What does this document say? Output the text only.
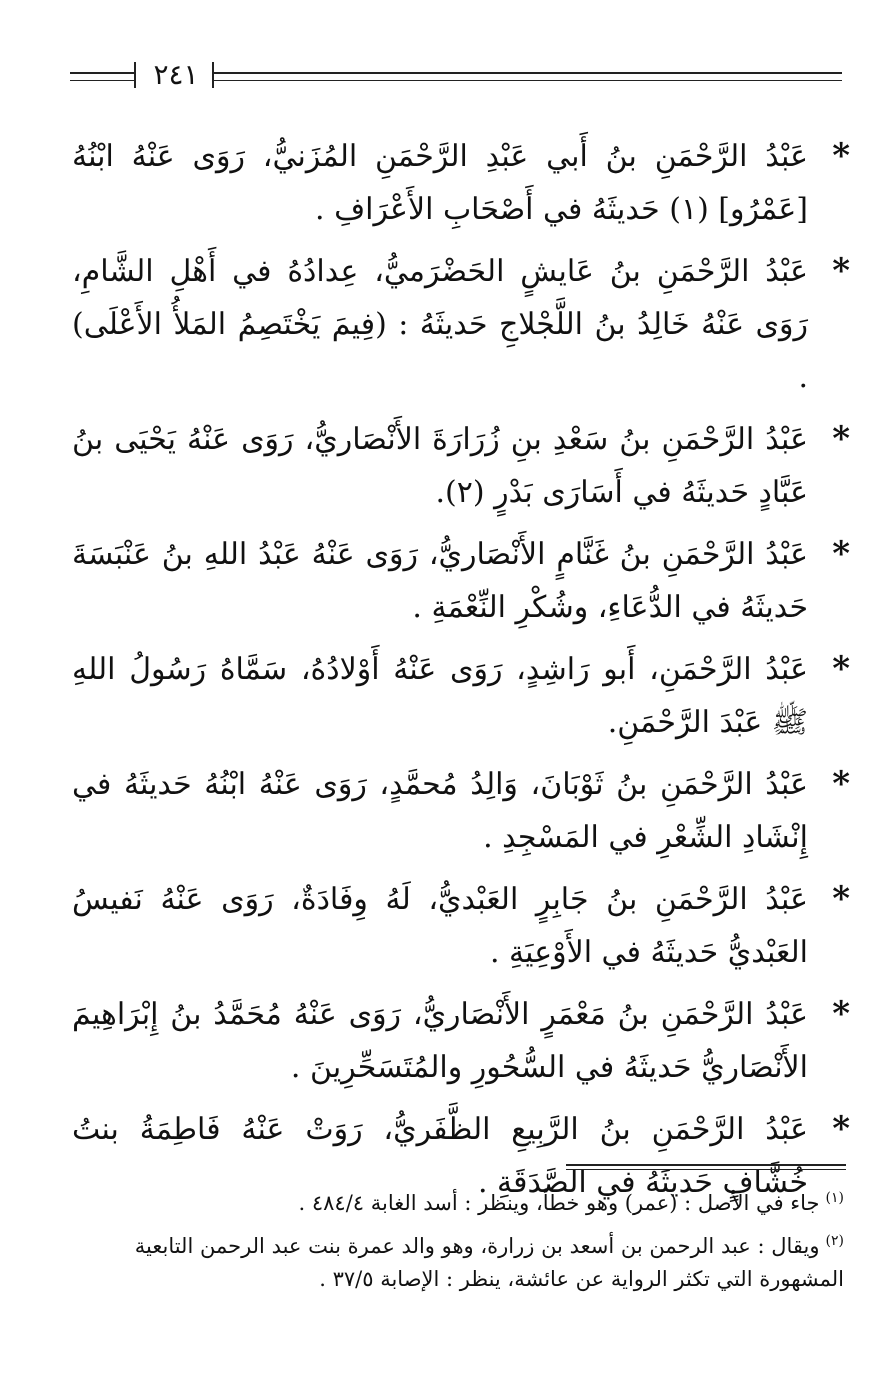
٢٤١

*
عَبْدُ الرَّحْمَنِ بنُ أَبي عَبْدِ الرَّحْمَنِ المُزَنيُّ، رَوَى عَنْهُ ابْنُهُ [عَمْرُو] (١) حَديثَهُ في أَصْحَابِ الأَعْرَافِ .

*
عَبْدُ الرَّحْمَنِ بنُ عَايشٍ الحَضْرَميُّ، عِدادُهُ في أَهْلِ الشَّامِ، رَوَى عَنْهُ خَالِدُ بنُ اللَّجْلاجِ حَديثَهُ : (فِيمَ يَخْتَصِمُ المَلأُ الأَعْلَى) .

*
عَبْدُ الرَّحْمَنِ بنُ سَعْدِ بنِ زُرَارَةَ الأَنْصَاريُّ، رَوَى عَنْهُ يَحْيَى بنُ عَبَّادٍ حَديثَهُ في أَسَارَى بَدْرٍ (٢).

*
عَبْدُ الرَّحْمَنِ بنُ غَنَّامٍ الأَنْصَاريُّ، رَوَى عَنْهُ عَبْدُ اللهِ بنُ عَنْبَسَةَ حَديثَهُ في الدُّعَاءِ، وشُكْرِ النِّعْمَةِ .

*
عَبْدُ الرَّحْمَنِ، أَبو رَاشِدٍ، رَوَى عَنْهُ أَوْلادُهُ، سَمَّاهُ رَسُولُ اللهِ ﷺ عَبْدَ الرَّحْمَنِ.

*
عَبْدُ الرَّحْمَنِ بنُ ثَوْبَانَ، وَالِدُ مُحمَّدٍ، رَوَى عَنْهُ ابْنُهُ حَديثَهُ في إِنْشَادِ الشِّعْرِ في المَسْجِدِ .

*
عَبْدُ الرَّحْمَنِ بنُ جَابِرٍ العَبْديُّ، لَهُ وِفَادَةٌ، رَوَى عَنْهُ نَفيسُ العَبْديُّ حَديثَهُ في الأَوْعِيَةِ .

*
عَبْدُ الرَّحْمَنِ بنُ مَعْمَرٍ الأَنْصَاريُّ، رَوَى عَنْهُ مُحَمَّدُ بنُ إِبْرَاهِيمَ الأَنْصَاريُّ حَديثَهُ في السُّحُورِ والمُتَسَحِّرِينَ .

*
عَبْدُ الرَّحْمَنِ بنُ الرَّبِيعِ الظَّفَريُّ، رَوَتْ عَنْهُ فَاطِمَةُ بنتُ خُشَّافٍ حَديثَهُ في الصَّدَقَةِ .	$^{(١)}$جاء في الأصل : (عمر) وهو خطأ، وينظر : أسد الغابة ٤٨٤/٤ .

$^{(٢)}$ويقال : عبد الرحمن بن أسعد بن زرارة، وهو والد عمرة بنت عبد الرحمن التابعية المشهورة التي تكثر الرواية عن عائشة، ينظر : الإصابة ٣٧/٥ .
